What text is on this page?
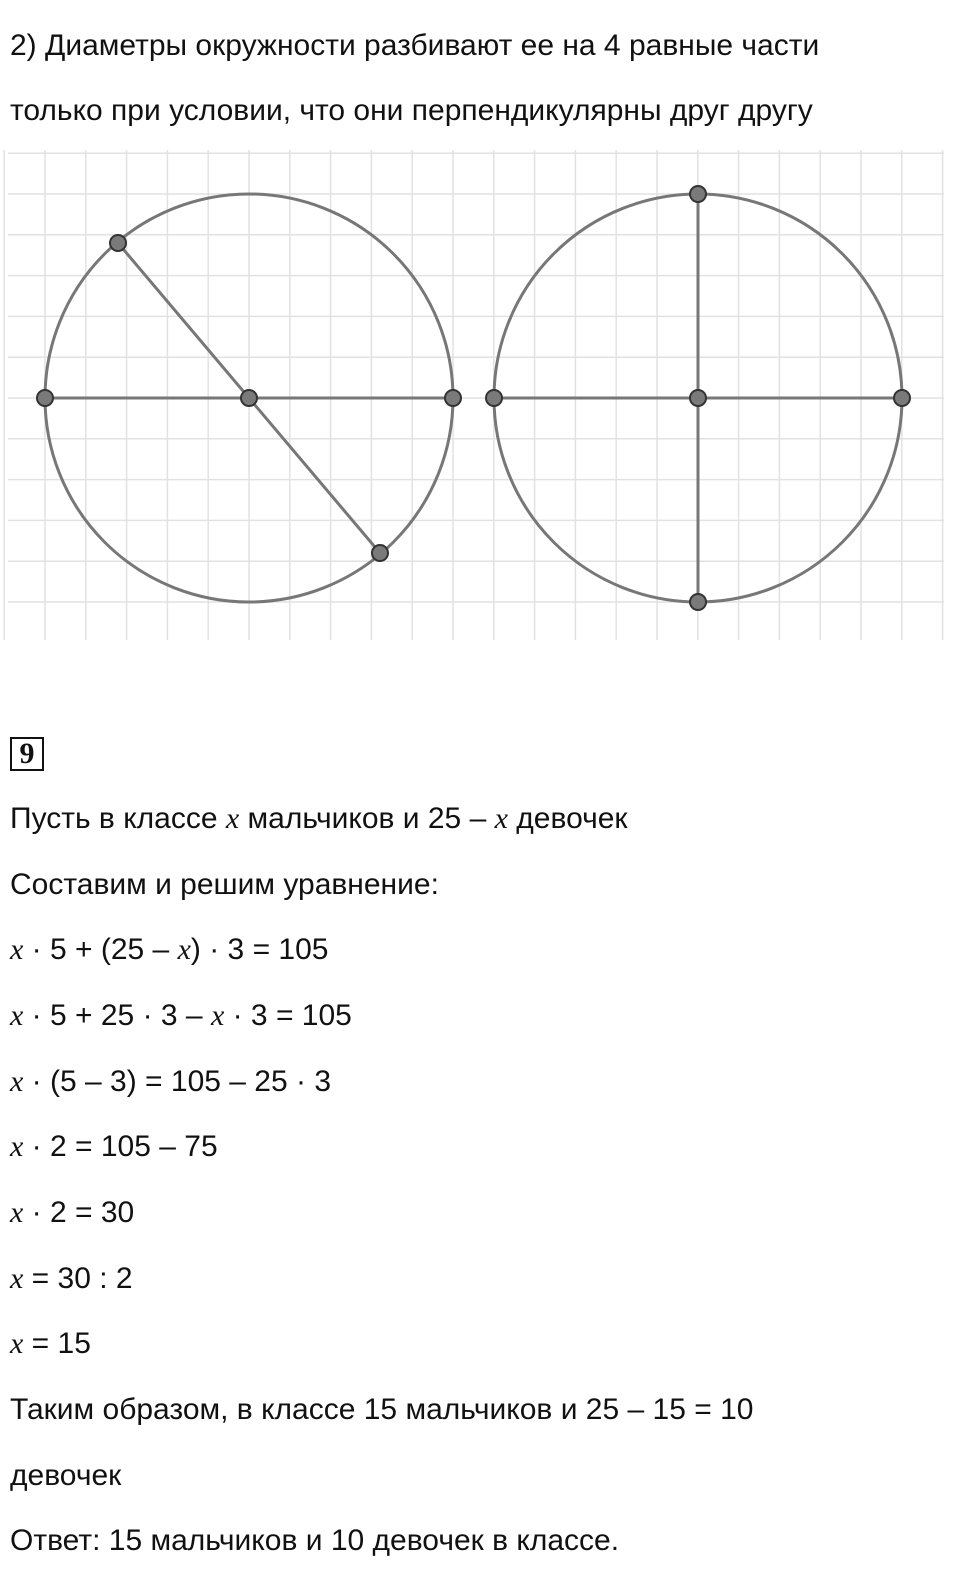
2) Диаметры окружности разбивают ее на 4 равные части

только при условии, что они перпендикулярны друг другу

9

Пусть в классе x мальчиков и 25 – x девочек

Составим и решим уравнение:

x · 5 + (25 – x) · 3 = 105

x · 5 + 25 · 3 – x · 3 = 105

x · (5 – 3) = 105 – 25 · 3

x · 2 = 105 – 75

x · 2 = 30

x = 30 : 2

x = 15

Таким образом, в классе 15 мальчиков и 25 – 15 = 10

девочек

Ответ: 15 мальчиков и 10 девочек в классе.
